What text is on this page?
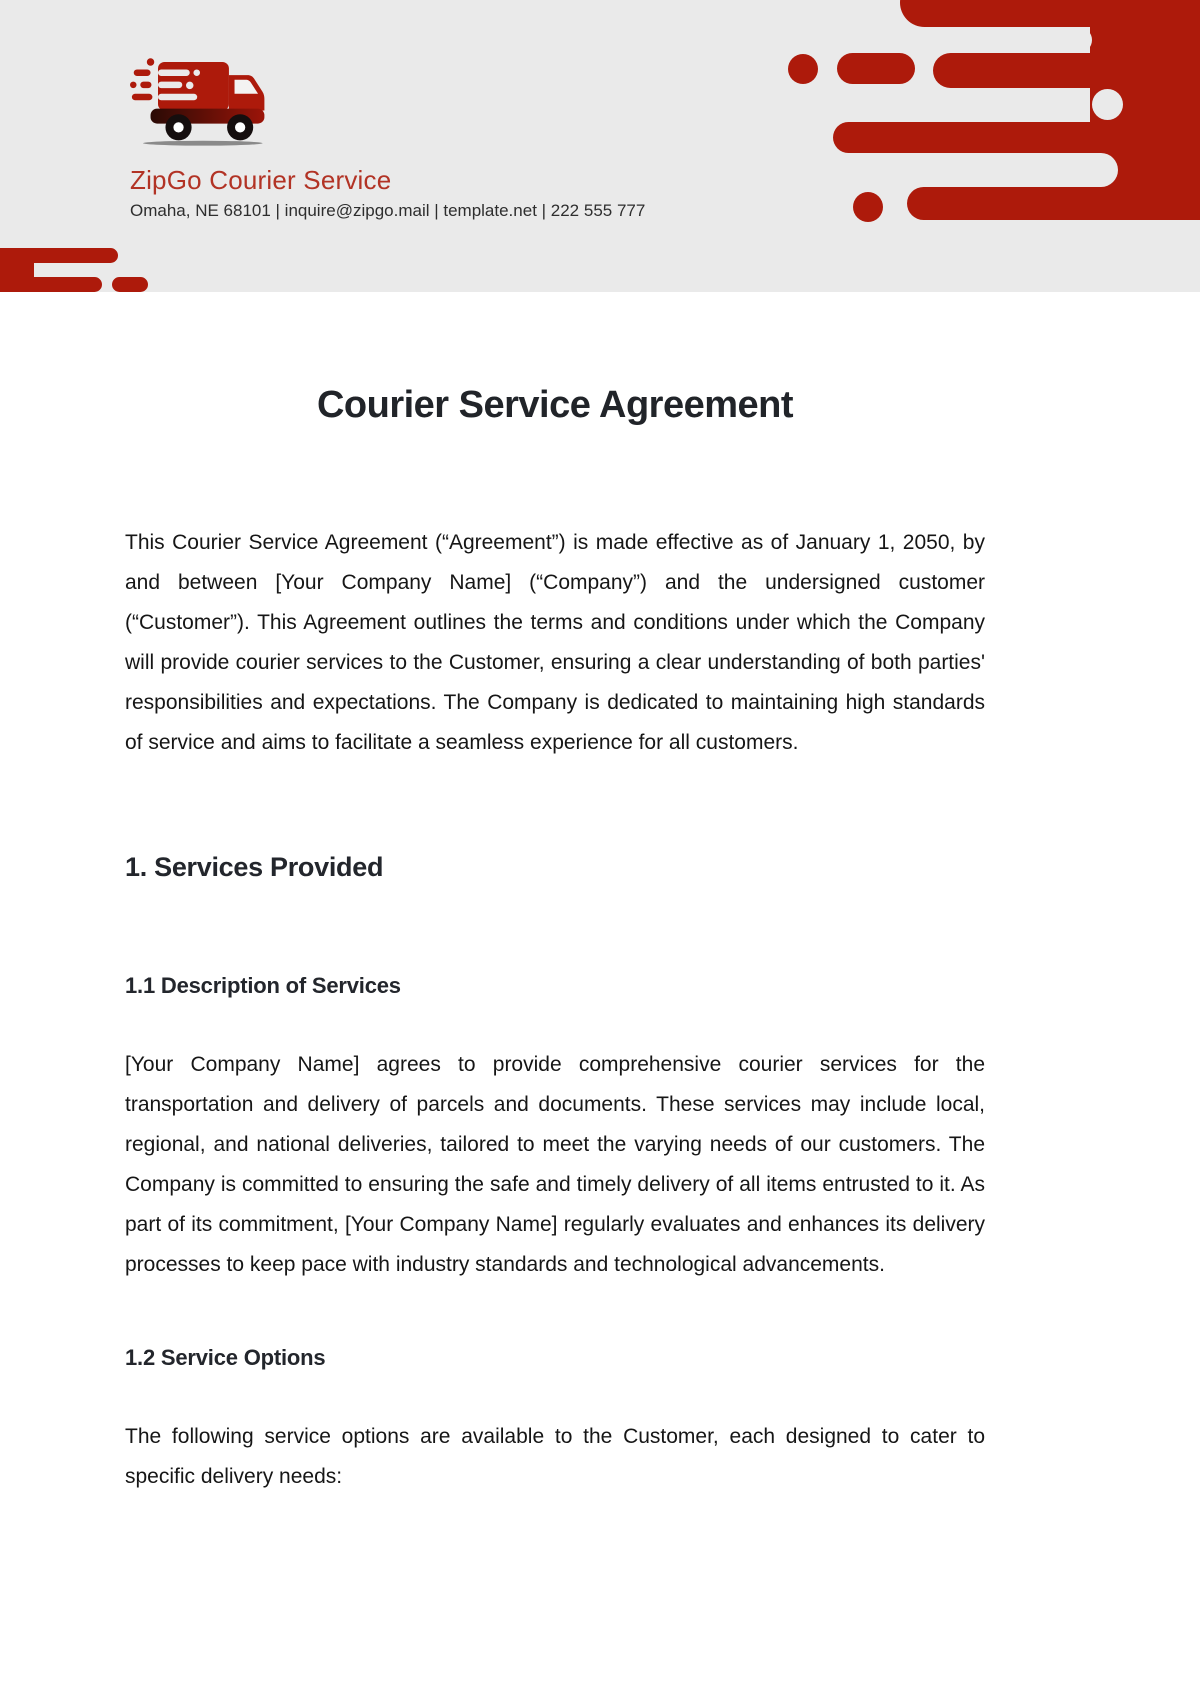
ZipGo Courier Service
Omaha, NE 68101 | inquire@zipgo.mail | template.net | 222 555 777
Courier Service Agreement

This Courier Service Agreement (“Agreement”) is made effective as of January 1, 2050, by and between [Your Company Name] (“Company”) and the undersigned customer (“Customer”). This Agreement outlines the terms and conditions under which the Company will provide courier services to the Customer, ensuring a clear understanding of both parties' responsibilities and expectations. The Company is dedicated to maintaining high standards of service and aims to facilitate a seamless experience for all customers.

1. Services Provided
1.1 Description of Services

[Your Company Name] agrees to provide comprehensive courier services for the transportation and delivery of parcels and documents. These services may include local, regional, and national deliveries, tailored to meet the varying needs of our customers. The Company is committed to ensuring the safe and timely delivery of all items entrusted to it. As part of its commitment, [Your Company Name] regularly evaluates and enhances its delivery processes to keep pace with industry standards and technological advancements.

1.2 Service Options

The following service options are available to the Customer, each designed to cater to specific delivery needs:
